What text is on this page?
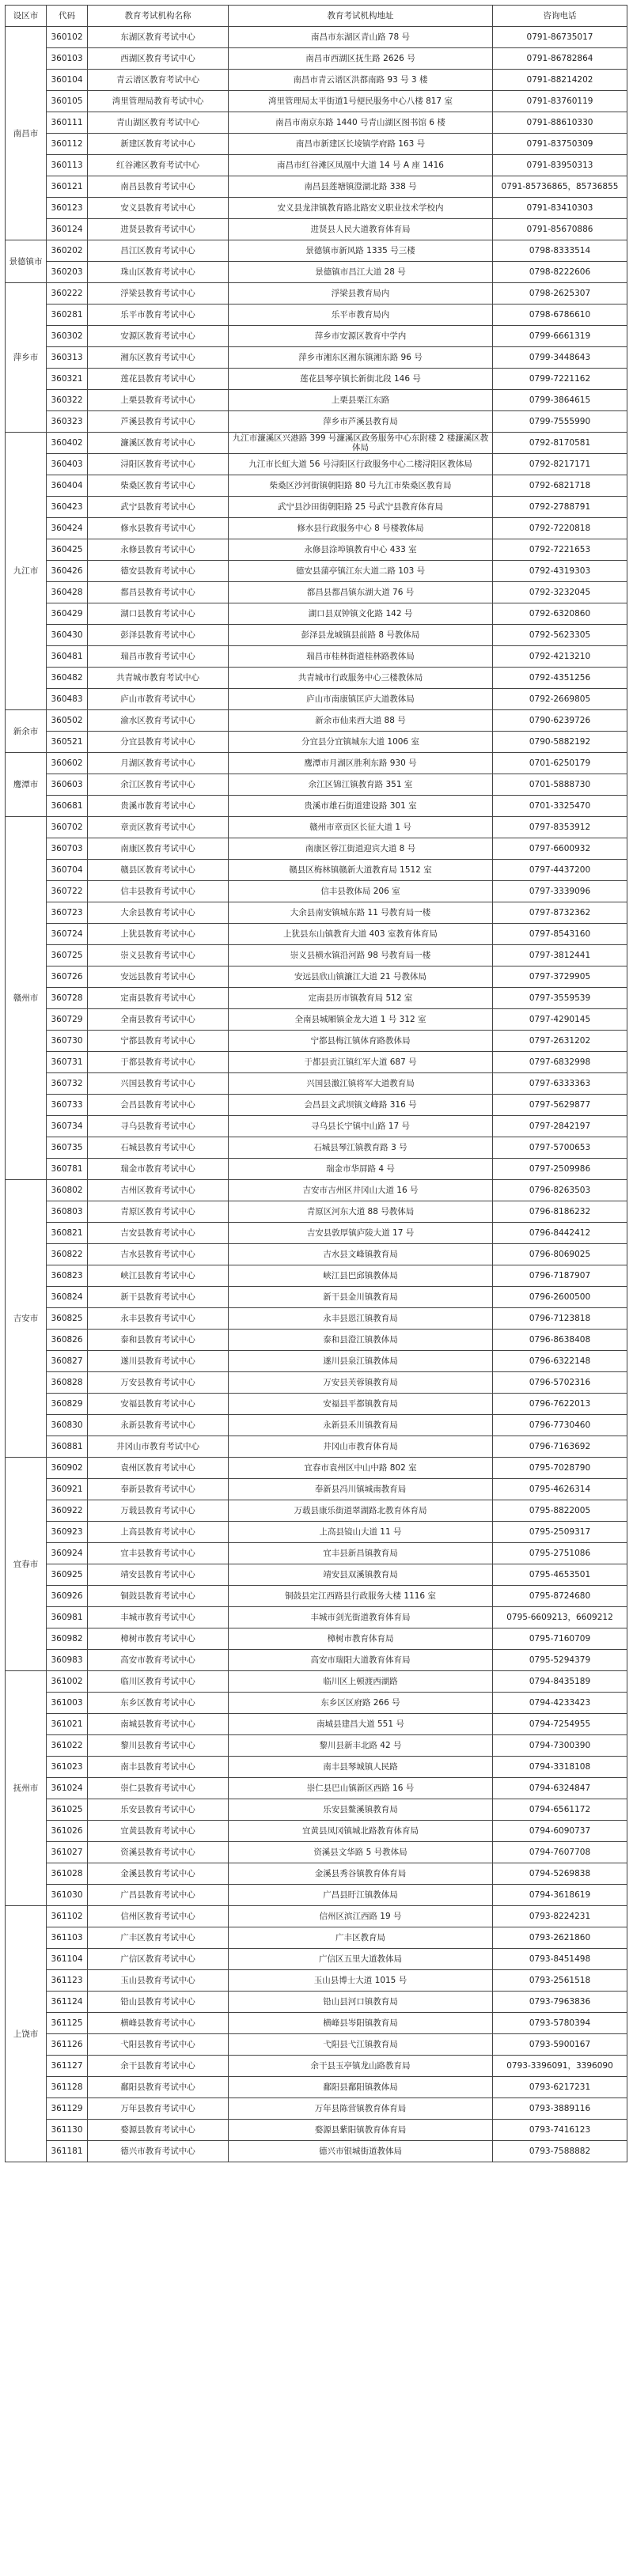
设区市	代码	教育考试机构名称	教育考试机构地址	咨询电话
南昌市	360102	东湖区教育考试中心	南昌市东湖区青山路 78 号	0791-86735017
	360103	西湖区教育考试中心	南昌市西湖区抚生路 2626 号	0791-86782864
	360104	青云谱区教育考试中心	南昌市青云谱区洪都南路 93 号 3 楼	0791-88214202
	360105	湾里管理局教育考试中心	湾里管理局太平街道1号便民服务中心八楼 817 室	0791-83760119
	360111	青山湖区教育考试中心	南昌市南京东路 1440 号青山湖区图书馆 6 楼	0791-88610330
	360112	新建区教育考试中心	南昌市新建区长堎镇学府路 163 号	0791-83750309
	360113	红谷滩区教育考试中心	南昌市红谷滩区凤凰中大道 14 号 A 座 1416	0791-83950313
	360121	南昌县教育考试中心	南昌县莲塘镇澄湖北路 338 号	0791-85736865，85736855
	360123	安义县教育考试中心	安义县龙津镇教育路北路安义职业技术学校内	0791-83410303
	360124	进贤县教育考试中心	进贤县人民大道教育体育局	0791-85670886
景德镇市	360202	昌江区教育考试中心	景德镇市新风路 1335 号三楼	0798-8333514
	360203	珠山区教育考试中心	景德镇市昌江大道 28 号	0798-8222606
萍乡市	360222	浮梁县教育考试中心	浮梁县教育局内	0798-2625307
	360281	乐平市教育考试中心	乐平市教育局内	0798-6786610
	360302	安源区教育考试中心	萍乡市安源区教育中学内	0799-6661319
	360313	湘东区教育考试中心	萍乡市湘东区湘东镇湘东路 96 号	0799-3448643
	360321	莲花县教育考试中心	莲花县琴亭镇长新街北段 146 号	0799-7221162
	360322	上栗县教育考试中心	上栗县栗江东路	0799-3864615
	360323	芦溪县教育考试中心	萍乡市芦溪县教育局	0799-7555990
九江市	360402	濂溪区教育考试中心	九江市濂溪区兴港路 399 号濂溪区政务服务中心东附楼 2 楼濂溪区教体局	0792-8170581
	360403	浔阳区教育考试中心	九江市长虹大道 56 号浔阳区行政服务中心二楼浔阳区教体局	0792-8217171
	360404	柴桑区教育考试中心	柴桑区沙河街镇朝阳路 80 号九江市柴桑区教育局	0792-6821718
	360423	武宁县教育考试中心	武宁县沙田街朝阳路 25 号武宁县教育体育局	0792-2788791
	360424	修水县教育考试中心	修水县行政服务中心 8 号楼教体局	0792-7220818
	360425	永修县教育考试中心	永修县涂埠镇教育中心 433 室	0792-7221653
	360426	德安县教育考试中心	德安县蒲亭镇江东大道二路 103 号	0792-4319303
	360428	都昌县教育考试中心	都昌县都昌镇东湖大道 76 号	0792-3232045
	360429	湖口县教育考试中心	湖口县双钟镇文化路 142 号	0792-6320860
	360430	彭泽县教育考试中心	彭泽县龙城镇县前路 8 号教体局	0792-5623305
	360481	瑞昌市教育考试中心	瑞昌市桂林街道桂林路教体局	0792-4213210
	360482	共青城市教育考试中心	共青城市行政服务中心三楼教体局	0792-4351256
	360483	庐山市教育考试中心	庐山市南康镇匡庐大道教体局	0792-2669805
新余市	360502	渝水区教育考试中心	新余市仙来西大道 88 号	0790-6239726
	360521	分宜县教育考试中心	分宜县分宜镇城东大道 1006 室	0790-5882192
鹰潭市	360602	月湖区教育考试中心	鹰潭市月湖区胜利东路 930 号	0701-6250179
	360603	余江区教育考试中心	余江区锦江镇教育路 351 室	0701-5888730
	360681	贵溪市教育考试中心	贵溪市雄石街道建设路 301 室	0701-3325470
赣州市	360702	章贡区教育考试中心	赣州市章贡区长征大道 1 号	0797-8353912
	360703	南康区教育考试中心	南康区蓉江街道迎宾大道 8 号	0797-6600932
	360704	赣县区教育考试中心	赣县区梅林镇赣新大道教育局 1512 室	0797-4437200
	360722	信丰县教育考试中心	信丰县教体局 206 室	0797-3339096
	360723	大余县教育考试中心	大余县南安镇城东路 11 号教育局一楼	0797-8732362
	360724	上犹县教育考试中心	上犹县东山镇教育大道 403 室教育体育局	0797-8543160
	360725	崇义县教育考试中心	崇义县横水镇沿河路 98 号教育局一楼	0797-3812441
	360726	安远县教育考试中心	安远县欣山镇濂江大道 21 号教体局	0797-3729905
	360728	定南县教育考试中心	定南县历市镇教育局 512 室	0797-3559539
	360729	全南县教育考试中心	全南县城厢镇金龙大道 1 号 312 室	0797-4290145
	360730	宁都县教育考试中心	宁都县梅江镇体育路教体局	0797-2631202
	360731	于都县教育考试中心	于都县贡江镇红军大道 687 号	0797-6832998
	360732	兴国县教育考试中心	兴国县激江镇将军大道教育局	0797-6333363
	360733	会昌县教育考试中心	会昌县文武坝镇文峰路 316 号	0797-5629877
	360734	寻乌县教育考试中心	寻乌县长宁镇中山路 17 号	0797-2842197
	360735	石城县教育考试中心	石城县琴江镇教育路 3 号	0797-5700653
	360781	瑞金市教育考试中心	瑞金市华屏路 4 号	0797-2509986
吉安市	360802	吉州区教育考试中心	吉安市吉州区井冈山大道 16 号	0796-8263503
	360803	青原区教育考试中心	青原区河东大道 88 号教体局	0796-8186232
	360821	吉安县教育考试中心	吉安县敦厚镇庐陵大道 17 号	0796-8442412
	360822	吉水县教育考试中心	吉水县文峰镇教育局	0796-8069025
	360823	峡江县教育考试中心	峡江县巴邱镇教体局	0796-7187907
	360824	新干县教育考试中心	新干县金川镇教育局	0796-2600500
	360825	永丰县教育考试中心	永丰县恩江镇教育局	0796-7123818
	360826	泰和县教育考试中心	泰和县澄江镇教体局	0796-8638408
	360827	遂川县教育考试中心	遂川县泉江镇教体局	0796-6322148
	360828	万安县教育考试中心	万安县芙蓉镇教育局	0796-5702316
	360829	安福县教育考试中心	安福县平都镇教育局	0796-7622013
	360830	永新县教育考试中心	永新县禾川镇教育局	0796-7730460
	360881	井冈山市教育考试中心	井冈山市教育体育局	0796-7163692
宜春市	360902	袁州区教育考试中心	宜春市袁州区中山中路 802 室	0795-7028790
	360921	奉新县教育考试中心	奉新县冯川镇城南教育局	0795-4626314
	360922	万载县教育考试中心	万载县康乐街道翠湖路北教育体育局	0795-8822005
	360923	上高县教育考试中心	上高县镜山大道 11 号	0795-2509317
	360924	宜丰县教育考试中心	宜丰县新昌镇教育局	0795-2751086
	360925	靖安县教育考试中心	靖安县双溪镇教育局	0795-4653501
	360926	铜鼓县教育考试中心	铜鼓县定江西路县行政服务大楼 1116 室	0795-8724680
	360981	丰城市教育考试中心	丰城市剑光街道教育体育局	0795-6609213，6609212
	360982	樟树市教育考试中心	樟树市教育体育局	0795-7160709
	360983	高安市教育考试中心	高安市瑞阳大道教育体育局	0795-5294379
抚州市	361002	临川区教育考试中心	临川区上顿渡西湖路	0794-8435189
	361003	东乡区教育考试中心	东乡区区府路 266 号	0794-4233423
	361021	南城县教育考试中心	南城县建昌大道 551 号	0794-7254955
	361022	黎川县教育考试中心	黎川县新丰北路 42 号	0794-7300390
	361023	南丰县教育考试中心	南丰县琴城镇人民路	0794-3318108
	361024	崇仁县教育考试中心	崇仁县巴山镇新区西路 16 号	0794-6324847
	361025	乐安县教育考试中心	乐安县鳌溪镇教育局	0794-6561172
	361026	宜黄县教育考试中心	宜黄县凤冈镇城北路教育体育局	0794-6090737
	361027	资溪县教育考试中心	资溪县文华路 5 号教体局	0794-7607708
	361028	金溪县教育考试中心	金溪县秀谷镇教育体育局	0794-5269838
	361030	广昌县教育考试中心	广昌县盱江镇教体局	0794-3618619
上饶市	361102	信州区教育考试中心	信州区滨江西路 19 号	0793-8224231
	361103	广丰区教育考试中心	广丰区教育局	0793-2621860
	361104	广信区教育考试中心	广信区五里大道教体局	0793-8451498
	361123	玉山县教育考试中心	玉山县博士大道 1015 号	0793-2561518
	361124	铅山县教育考试中心	铅山县河口镇教育局	0793-7963836
	361125	横峰县教育考试中心	横峰县岑阳镇教育局	0793-5780394
	361126	弋阳县教育考试中心	弋阳县弋江镇教育局	0793-5900167
	361127	余干县教育考试中心	余干县玉亭镇龙山路教育局	0793-3396091，3396090
	361128	鄱阳县教育考试中心	鄱阳县鄱阳镇教体局	0793-6217231
	361129	万年县教育考试中心	万年县陈营镇教育体育局	0793-3889116
	361130	婺源县教育考试中心	婺源县紫阳镇教育体育局	0793-7416123
	361181	德兴市教育考试中心	德兴市银城街道教体局	0793-7588882
